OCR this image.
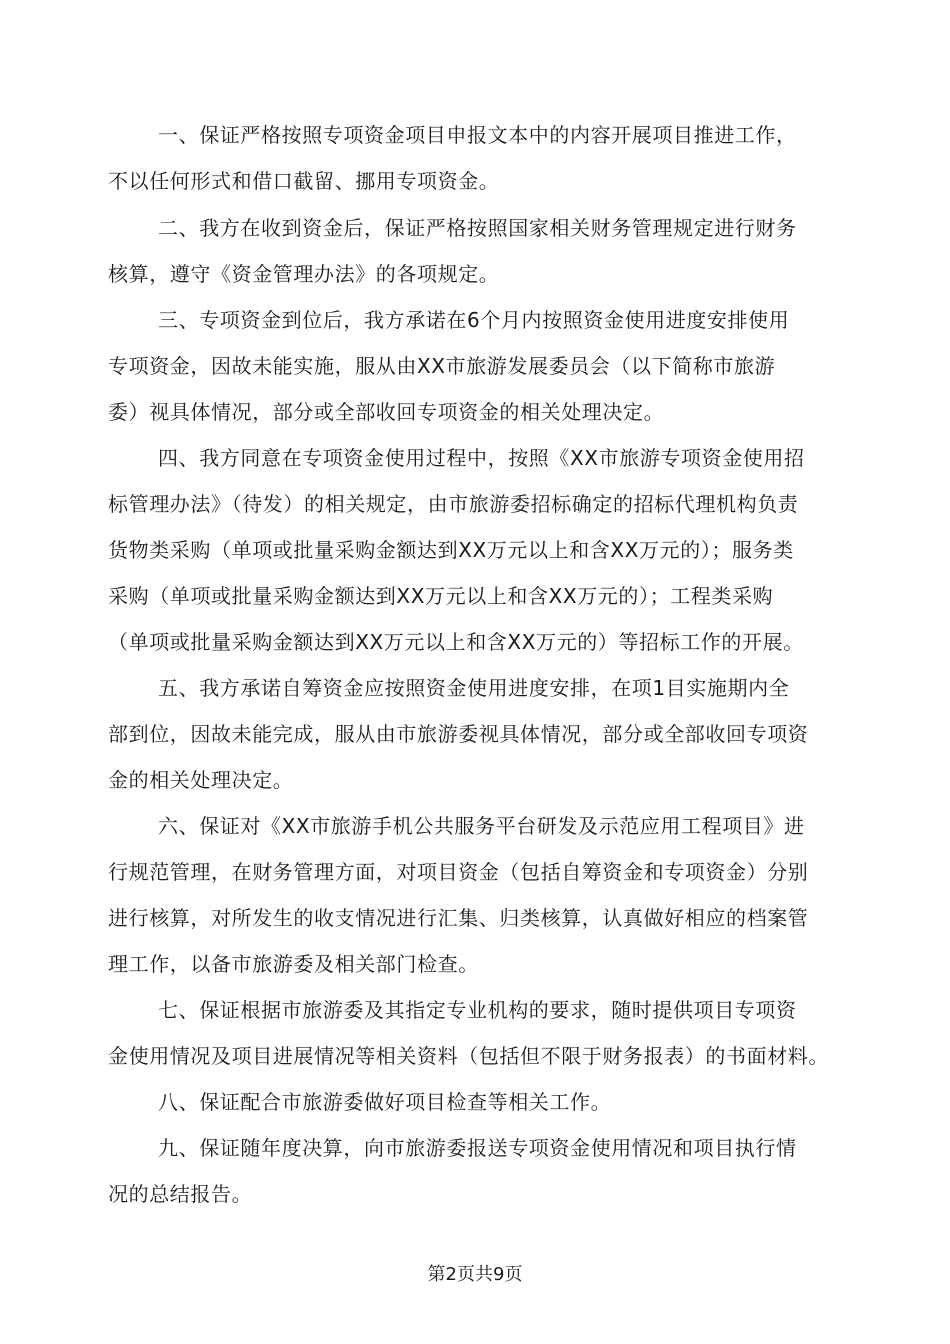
一、保证严格按照专项资金项目申报文本中的内容开展项目推进工作，

不以任何形式和借口截留、挪用专项资金。

二、我方在收到资金后，保证严格按照国家相关财务管理规定进行财务

核算，遵守《资金管理办法》的各项规定。

三、专项资金到位后，我方承诺在6个月内按照资金使用进度安排使用

专项资金，因故未能实施，服从由XX市旅游发展委员会（以下简称市旅游

委）视具体情况，部分或全部收回专项资金的相关处理决定。

四、我方同意在专项资金使用过程中，按照《XX市旅游专项资金使用招

标管理办法》（待发）的相关规定，由市旅游委招标确定的招标代理机构负责

货物类采购（单项或批量采购金额达到XX万元以上和含XX万元的）；服务类

采购（单项或批量采购金额达到XX万元以上和含XX万元的）；工程类采购

（单项或批量采购金额达到XX万元以上和含XX万元的）等招标工作的开展。

五、我方承诺自筹资金应按照资金使用进度安排，在项1目实施期内全

部到位，因故未能完成，服从由市旅游委视具体情况，部分或全部收回专项资

金的相关处理决定。

六、保证对《XX市旅游手机公共服务平台研发及示范应用工程项目》进

行规范管理，在财务管理方面，对项目资金（包括自筹资金和专项资金）分别

进行核算，对所发生的收支情况进行汇集、归类核算，认真做好相应的档案管

理工作，以备市旅游委及相关部门检查。

七、保证根据市旅游委及其指定专业机构的要求，随时提供项目专项资

金使用情况及项目进展情况等相关资料（包括但不限于财务报表）的书面材料。

八、保证配合市旅游委做好项目检查等相关工作。

九、保证随年度决算，向市旅游委报送专项资金使用情况和项目执行情

况的总结报告。

第2页共9页
